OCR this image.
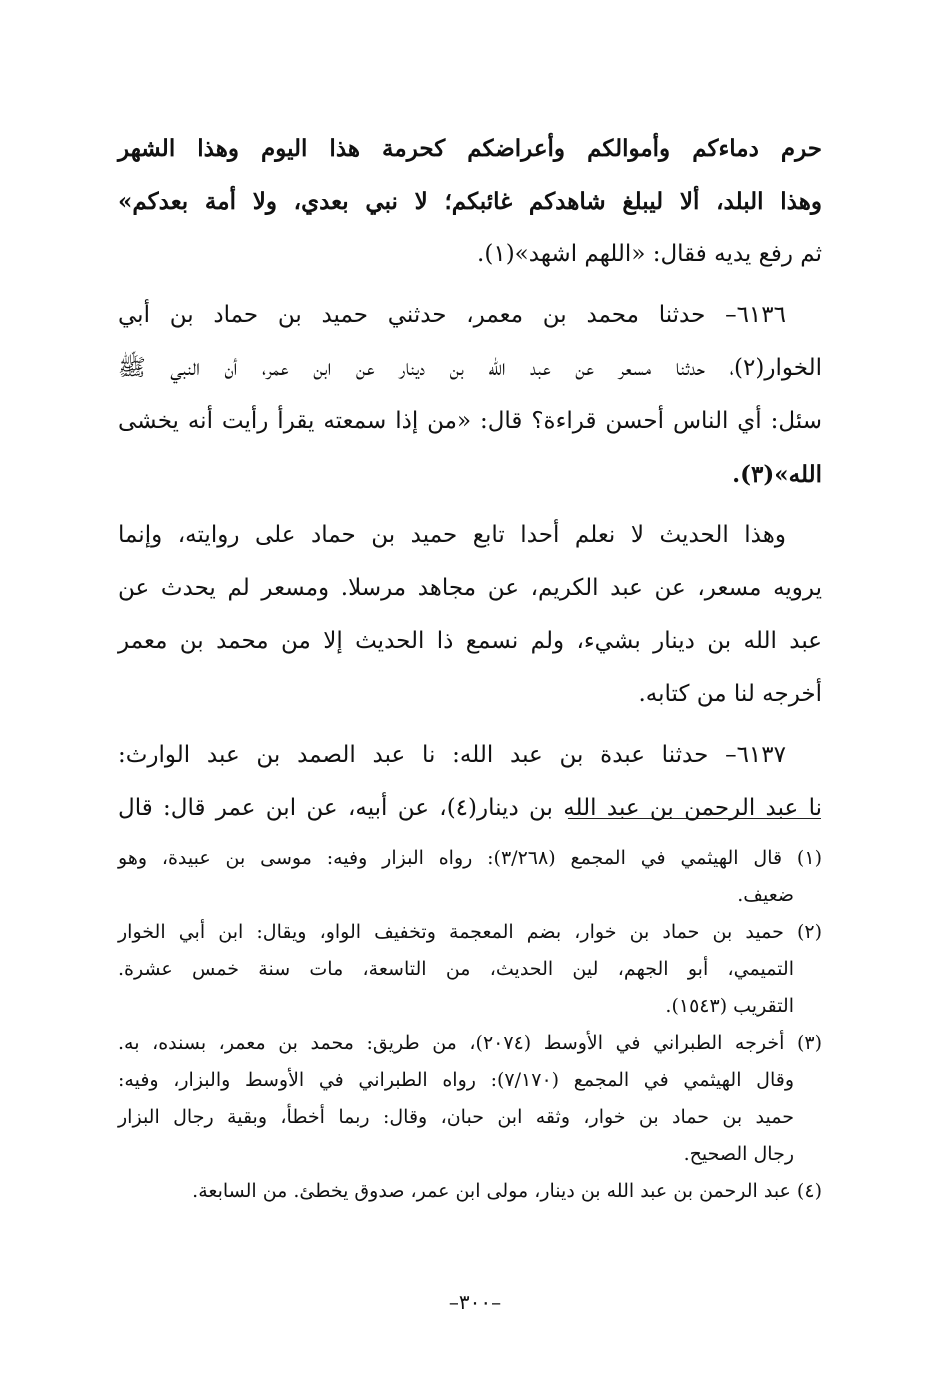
حرم دماءكم وأموالكم وأعراضكم كحرمة هذا اليوم وهذا الشهر
وهذا البلد، ألا ليبلغ شاهدكم غائبكم؛ لا نبي بعدي، ولا أمة بعدكم»
ثم رفع يديه فقال: «اللهم اشهد»(١).
٦١٣٦– حدثنا محمد بن معمر، حدثني حميد بن حماد بن أبي
الخوار(٢)، حدثنا مسعر عن عبد الله بن دينار عن ابن عمر، أن النبي ﷺ
سئل: أي الناس أحسن قراءة؟ قال: «من إذا سمعته يقرأ رأيت أنه يخشى
الله»(٣).
وهذا الحديث لا نعلم أحدا تابع حميد بن حماد على روايته، وإنما
يرويه مسعر، عن عبد الكريم، عن مجاهد مرسلا. ومسعر لم يحدث عن
عبد الله بن دينار بشيء، ولم نسمع ذا الحديث إلا من محمد بن معمر
أخرجه لنا من كتابه.
٦١٣٧– حدثنا عبدة بن عبد الله: نا عبد الصمد بن عبد الوارث:
نا عبد الرحمن بن عبد الله بن دينار(٤)، عن أبيه، عن ابن عمر قال: قال
(١) قال الهيثمي في المجمع (٣/٢٦٨): رواه البزار وفيه: موسى بن عبيدة، وهو
ضعيف.
(٢) حميد بن حماد بن خوار، بضم المعجمة وتخفيف الواو، ويقال: ابن أبي الخوار
التميمي، أبو الجهم، لين الحديث، من التاسعة، مات سنة خمس عشرة.
التقريب (١٥٤٣).
(٣) أخرجه الطبراني في الأوسط (٢٠٧٤)، من طريق: محمد بن معمر، بسنده، به.
وقال الهيثمي في المجمع (٧/١٧٠): رواه الطبراني في الأوسط والبزار، وفيه:
حميد بن حماد بن خوار، وثقه ابن حبان، وقال: ربما أخطأ، وبقية رجال البزار
رجال الصحيح.
(٤) عبد الرحمن بن عبد الله بن دينار، مولى ابن عمر، صدوق يخطئ. من السابعة.
–٣٠٠–
